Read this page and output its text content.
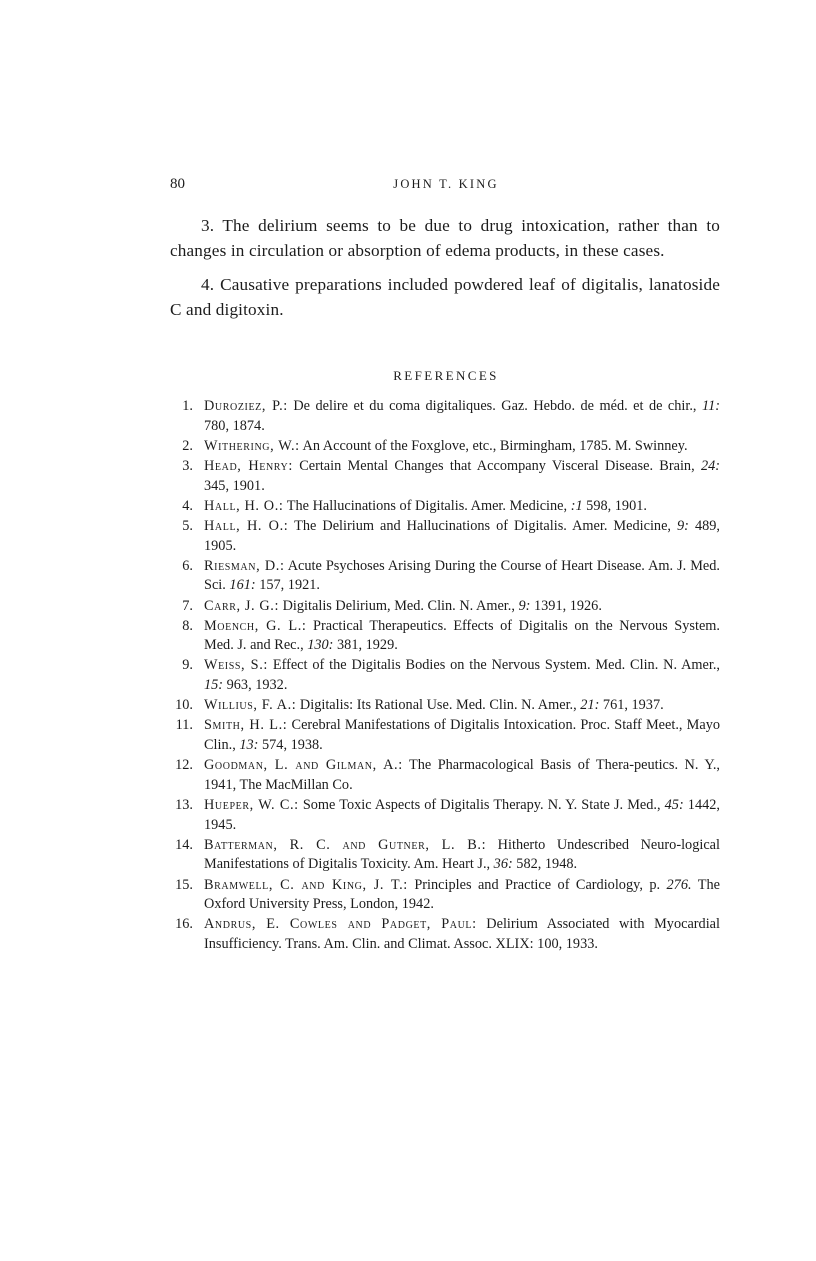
80	JOHN T. KING

3. The delirium seems to be due to drug intoxication, rather than to changes in circulation or absorption of edema products, in these cases.

4. Causative preparations included powdered leaf of digitalis, lanatoside C and digitoxin.

REFERENCES
1. Duroziez, P.: De delire et du coma digitaliques. Gaz. Hebdo. de méd. et de chir., 11: 780, 1874.
2. Withering, W.: An Account of the Foxglove, etc., Birmingham, 1785. M. Swinney.
3. Head, Henry: Certain Mental Changes that Accompany Visceral Disease. Brain, 24: 345, 1901.
4. Hall, H. O.: The Hallucinations of Digitalis. Amer. Medicine, :1 598, 1901.
5. Hall, H. O.: The Delirium and Hallucinations of Digitalis. Amer. Medicine, 9: 489, 1905.
6. Riesman, D.: Acute Psychoses Arising During the Course of Heart Disease. Am. J. Med. Sci. 161: 157, 1921.
7. Carr, J. G.: Digitalis Delirium, Med. Clin. N. Amer., 9: 1391, 1926.
8. Moench, G. L.: Practical Therapeutics. Effects of Digitalis on the Nervous System. Med. J. and Rec., 130: 381, 1929.
9. Weiss, S.: Effect of the Digitalis Bodies on the Nervous System. Med. Clin. N. Amer., 15: 963, 1932.
10. Willius, F. A.: Digitalis: Its Rational Use. Med. Clin. N. Amer., 21: 761, 1937.
11. Smith, H. L.: Cerebral Manifestations of Digitalis Intoxication. Proc. Staff Meet., Mayo Clin., 13: 574, 1938.
12. Goodman, L. and Gilman, A.: The Pharmacological Basis of Thera-peutics. N. Y., 1941, The MacMillan Co.
13. Hueper, W. C.: Some Toxic Aspects of Digitalis Therapy. N. Y. State J. Med., 45: 1442, 1945.
14. Batterman, R. C. and Gutner, L. B.: Hitherto Undescribed Neuro-logical Manifestations of Digitalis Toxicity. Am. Heart J., 36: 582, 1948.
15. Bramwell, C. and King, J. T.: Principles and Practice of Cardiology, p. 276. The Oxford University Press, London, 1942.
16. Andrus, E. Cowles and Padget, Paul: Delirium Associated with Myocardial Insufficiency. Trans. Am. Clin. and Climat. Assoc. XLIX: 100, 1933.
